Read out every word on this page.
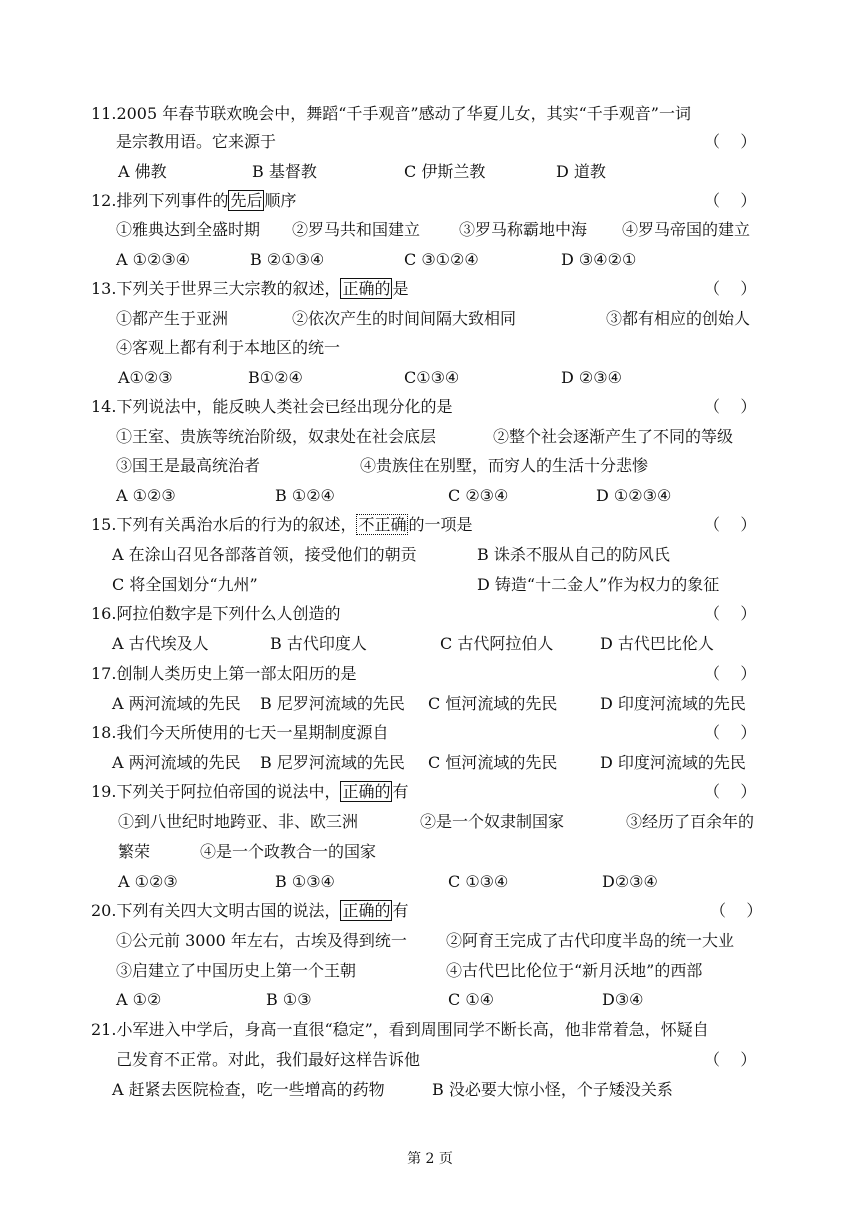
11.2005 年春节联欢晚会中，舞蹈“千手观音”感动了华夏儿女，其实“千手观音”一词
是宗教用语。它来源于	（    ）
A 佛教	B 基督教	C 伊斯兰教	D 道教
12.排列下列事件的 先后 顺序	（    ）
①雅典达到全盛时期 ②罗马共和国建立 ③罗马称霸地中海 ④罗马帝国的建立
A ①②③④	B ②①③④	C ③①②④	D ③④②①
13.下列关于世界三大宗教的叙述， 正确的 是	（    ）
①都产生于亚洲	②依次产生的时间间隔大致相同	③都有相应的创始人
④客观上都有利于本地区的统一
A①②③	B①②④	C①③④	D ②③④
14.下列说法中，能反映人类社会已经出现分化的是	（    ）
①王室、贵族等统治阶级，奴隶处在社会底层	②整个社会逐渐产生了不同的等级
③国王是最高统治者	④贵族住在别墅，而穷人的生活十分悲惨
A ①②③	B ①②④	C ②③④	D ①②③④
15.下列有关禹治水后的行为的叙述， 不正确 的一项是	（    ）
A 在涂山召见各部落首领，接受他们的朝贡	B 诛杀不服从自己的防风氏
C 将全国划分“九州”	D 铸造“十二金人”作为权力的象征
16.阿拉伯数字是下列什么人创造的	（    ）
A 古代埃及人	B 古代印度人	C 古代阿拉伯人	D 古代巴比伦人
17.创制人类历史上第一部太阳历的是	（    ）
A 两河流域的先民 B 尼罗河流域的先民 C 恒河流域的先民	D 印度河流域的先民
18.我们今天所使用的七天一星期制度源自	（    ）
A 两河流域的先民 B 尼罗河流域的先民 C 恒河流域的先民	D 印度河流域的先民
19.下列关于阿拉伯帝国的说法中， 正确的 有	（    ）
①到八世纪时地跨亚、非、欧三洲	②是一个奴隶制国家	③经历了百余年的
繁荣	④是一个政教合一的国家
A ①②③	B ①③④	C ①③④	D②③④
20.下列有关四大文明古国的说法， 正确的 有	（    ）
①公元前 3000 年左右，古埃及得到统一 ②阿育王完成了古代印度半岛的统一大业
③启建立了中国历史上第一个王朝	④古代巴比伦位于“新月沃地”的西部
A ①②	B ①③	C ①④	D③④
21.小军进入中学后，身高一直很“稳定”，看到周围同学不断长高，他非常着急，怀疑自
己发育不正常。对此，我们最好这样告诉他	（    ）
A 赶紧去医院检查，吃一些增高的药物	B 没必要大惊小怪，个子矮没关系
第 2 页
